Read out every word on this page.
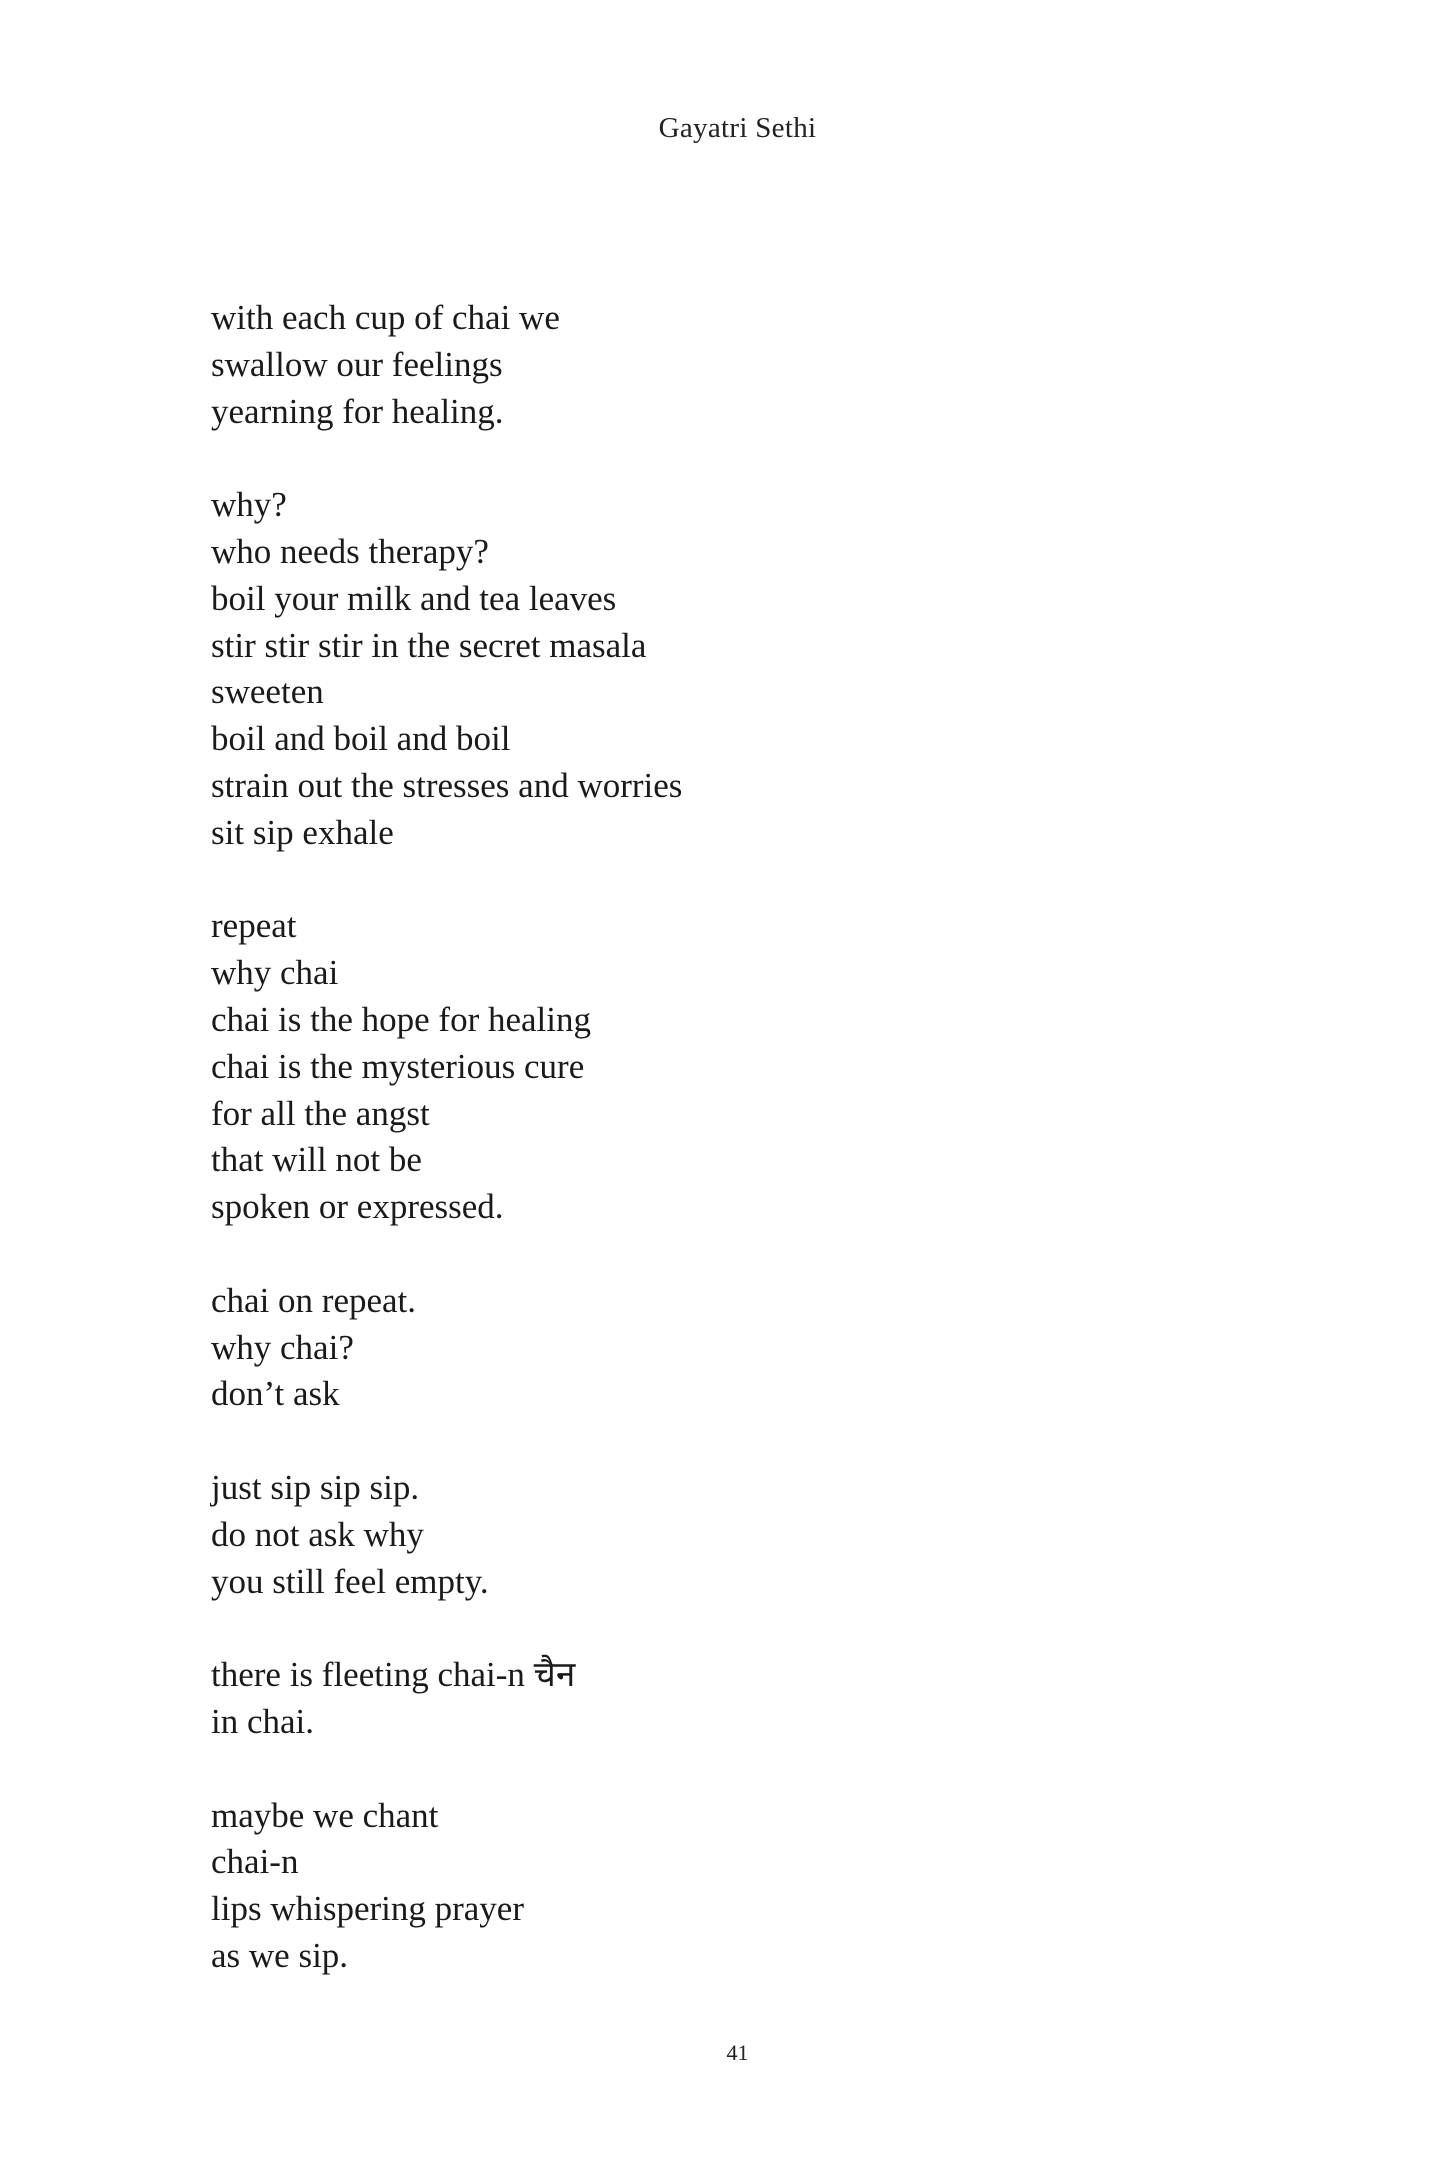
Gayatri Sethi
with each cup of chai we
swallow our feelings
yearning for healing.
why?
who needs therapy?
boil your milk and tea leaves
stir stir stir in the secret masala
sweeten
boil and boil and boil
strain out the stresses and worries
sit sip exhale
repeat
why chai
chai is the hope for healing
chai is the mysterious cure
for all the angst
that will not be
spoken or expressed.
chai on repeat.
why chai?
don’t ask
just sip sip sip.
do not ask why
you still feel empty.
there is fleeting chai-n चैन
in chai.
maybe we chant
chai-n
lips whispering prayer
as we sip.
41
